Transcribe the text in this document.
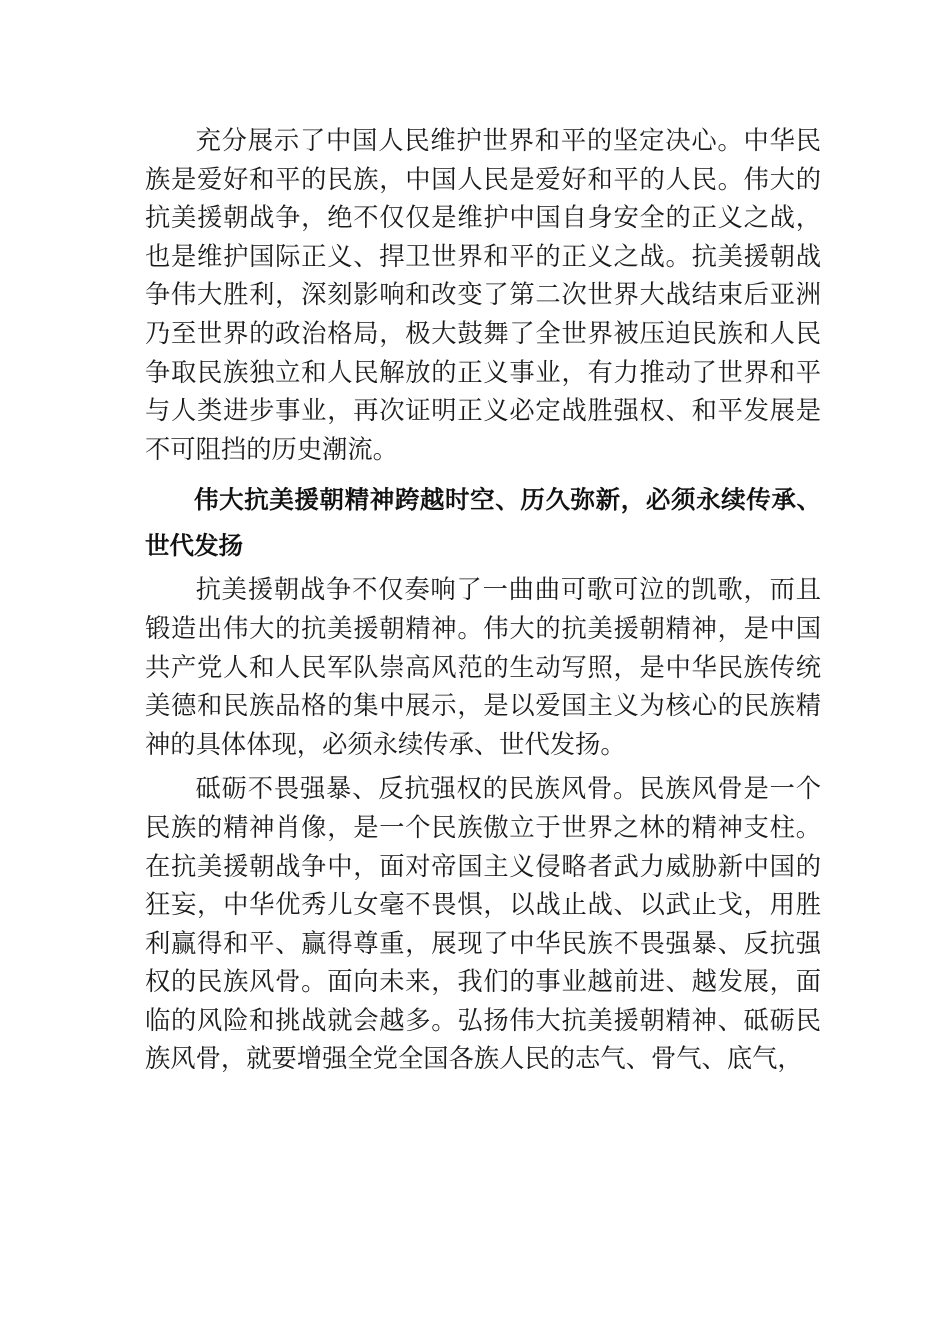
充分展示了中国人民维护世界和平的坚定决心。中华民族是爱好和平的民族，中国人民是爱好和平的人民。伟大的抗美援朝战争，绝不仅仅是维护中国自身安全的正义之战， 也是维护国际正义、捍卫世界和平的正义之战。抗美援朝战争伟大胜利，深刻影响和改变了第二次世界大战结束后亚洲乃至世界的政治格局，极大鼓舞了全世界被压迫民族和人民争取民族独立和人民解放的正义事业，有力推动了世界和平与人类进步事业，再次证明正义必定战胜强权、和平发展是不可阻挡的历史潮流。

伟大抗美援朝精神跨越时空、历久弥新，必须永续传承、世代发扬

抗美援朝战争不仅奏响了一曲曲可歌可泣的凯歌，而且锻造出伟大的抗美援朝精神。伟大的抗美援朝精神，是中国共产党人和人民军队崇高风范的生动写照，是中华民族传统美德和民族品格的集中展示，是以爱国主义为核心的民族精神的具体体现，必须永续传承、世代发扬。

砥砺不畏强暴、反抗强权的民族风骨。民族风骨是一个民族的精神肖像，是一个民族傲立于世界之林的精神支柱。 在抗美援朝战争中，面对帝国主义侵略者武力威胁新中国的狂妄，中华优秀儿女毫不畏惧，以战止战、以武止戈，用胜利赢得和平、赢得尊重，展现了中华民族不畏强暴、反抗强权的民族风骨。面向未来，我们的事业越前进、越发展，面临的风险和挑战就会越多。弘扬伟大抗美援朝精神、砥砺民族风骨，就要增强全党全国各族人民的志气、骨气、底气，
